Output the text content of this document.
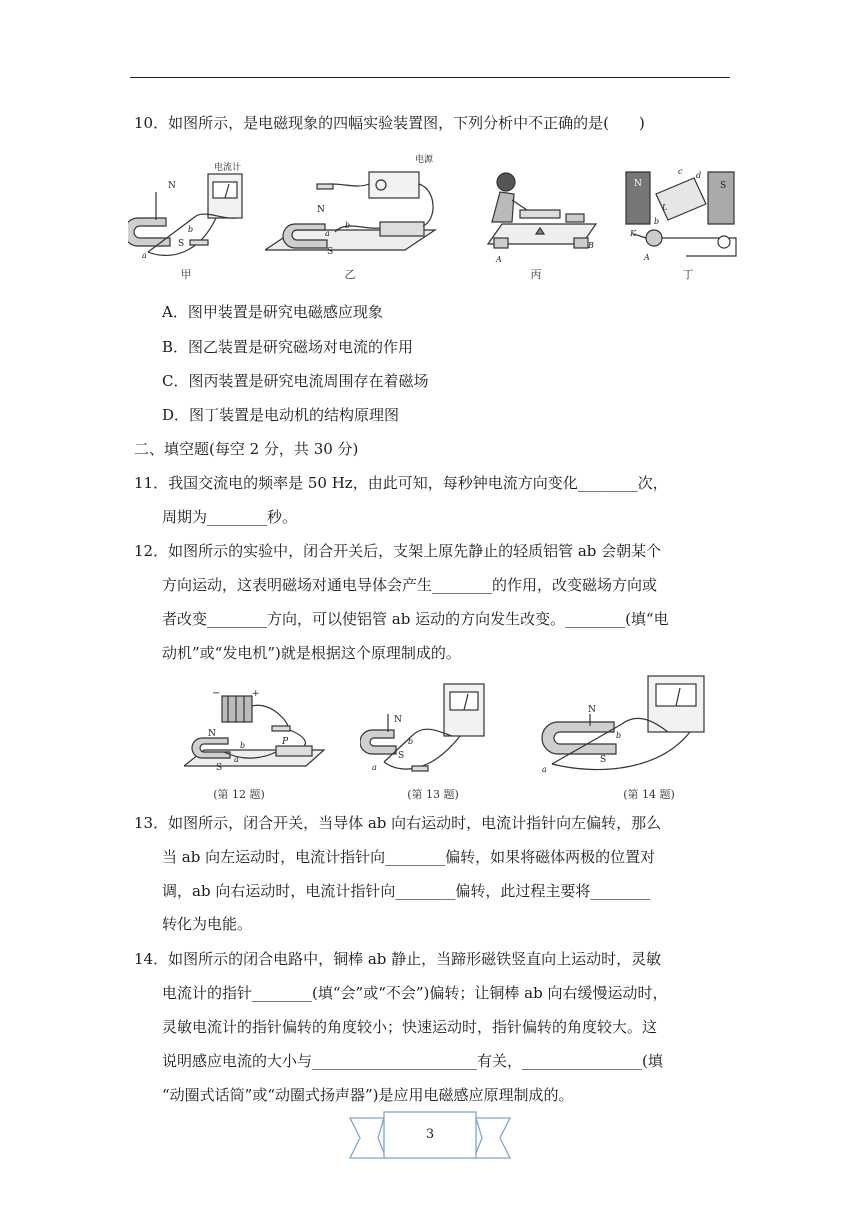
10．如图所示，是电磁现象的四幅实验装置图，下列分析中不正确的是(　　)
N
S
a
b
电流计
甲
电源
N
S
b
a
乙
A
B
丙
N	S
c d
L
K
A
b
丁
A．图甲装置是研究电磁感应现象
B．图乙装置是研究磁场对电流的作用
C．图丙装置是研究电流周围存在着磁场
D．图丁装置是电动机的结构原理图
二、填空题(每空 2 分，共 30 分)
11．我国交流电的频率是 50 Hz，由此可知，每秒钟电流方向变化________次，
周期为________秒。
12．如图所示的实验中，闭合开关后，支架上原先静止的轻质铝管 ab 会朝某个
方向运动，这表明磁场对通电导体会产生________的作用，改变磁场方向或
者改变________方向，可以使铝管 ab 运动的方向发生改变。________(填“电
动机”或“发电机”)就是根据这个原理制成的。
−	+
N
S
P
a
b
(第 12 题)
N
S
a
b
(第 13 题)
N
S
a
b
(第 14 题)
13．如图所示，闭合开关，当导体 ab 向右运动时，电流计指针向左偏转，那么
当 ab 向左运动时，电流计指针向________偏转，如果将磁体两极的位置对
调，ab 向右运动时，电流计指针向________偏转，此过程主要将________
转化为电能。
14．如图所示的闭合电路中，铜棒 ab 静止，当蹄形磁铁竖直向上运动时，灵敏
电流计的指针________(填“会”或“不会”)偏转；让铜棒 ab 向右缓慢运动时，
灵敏电流计的指针偏转的角度较小；快速运动时，指针偏转的角度较大。这
说明感应电流的大小与______________________有关，________________(填
“动圈式话筒”或“动圈式扬声器”)是应用电磁感应原理制成的。
3
